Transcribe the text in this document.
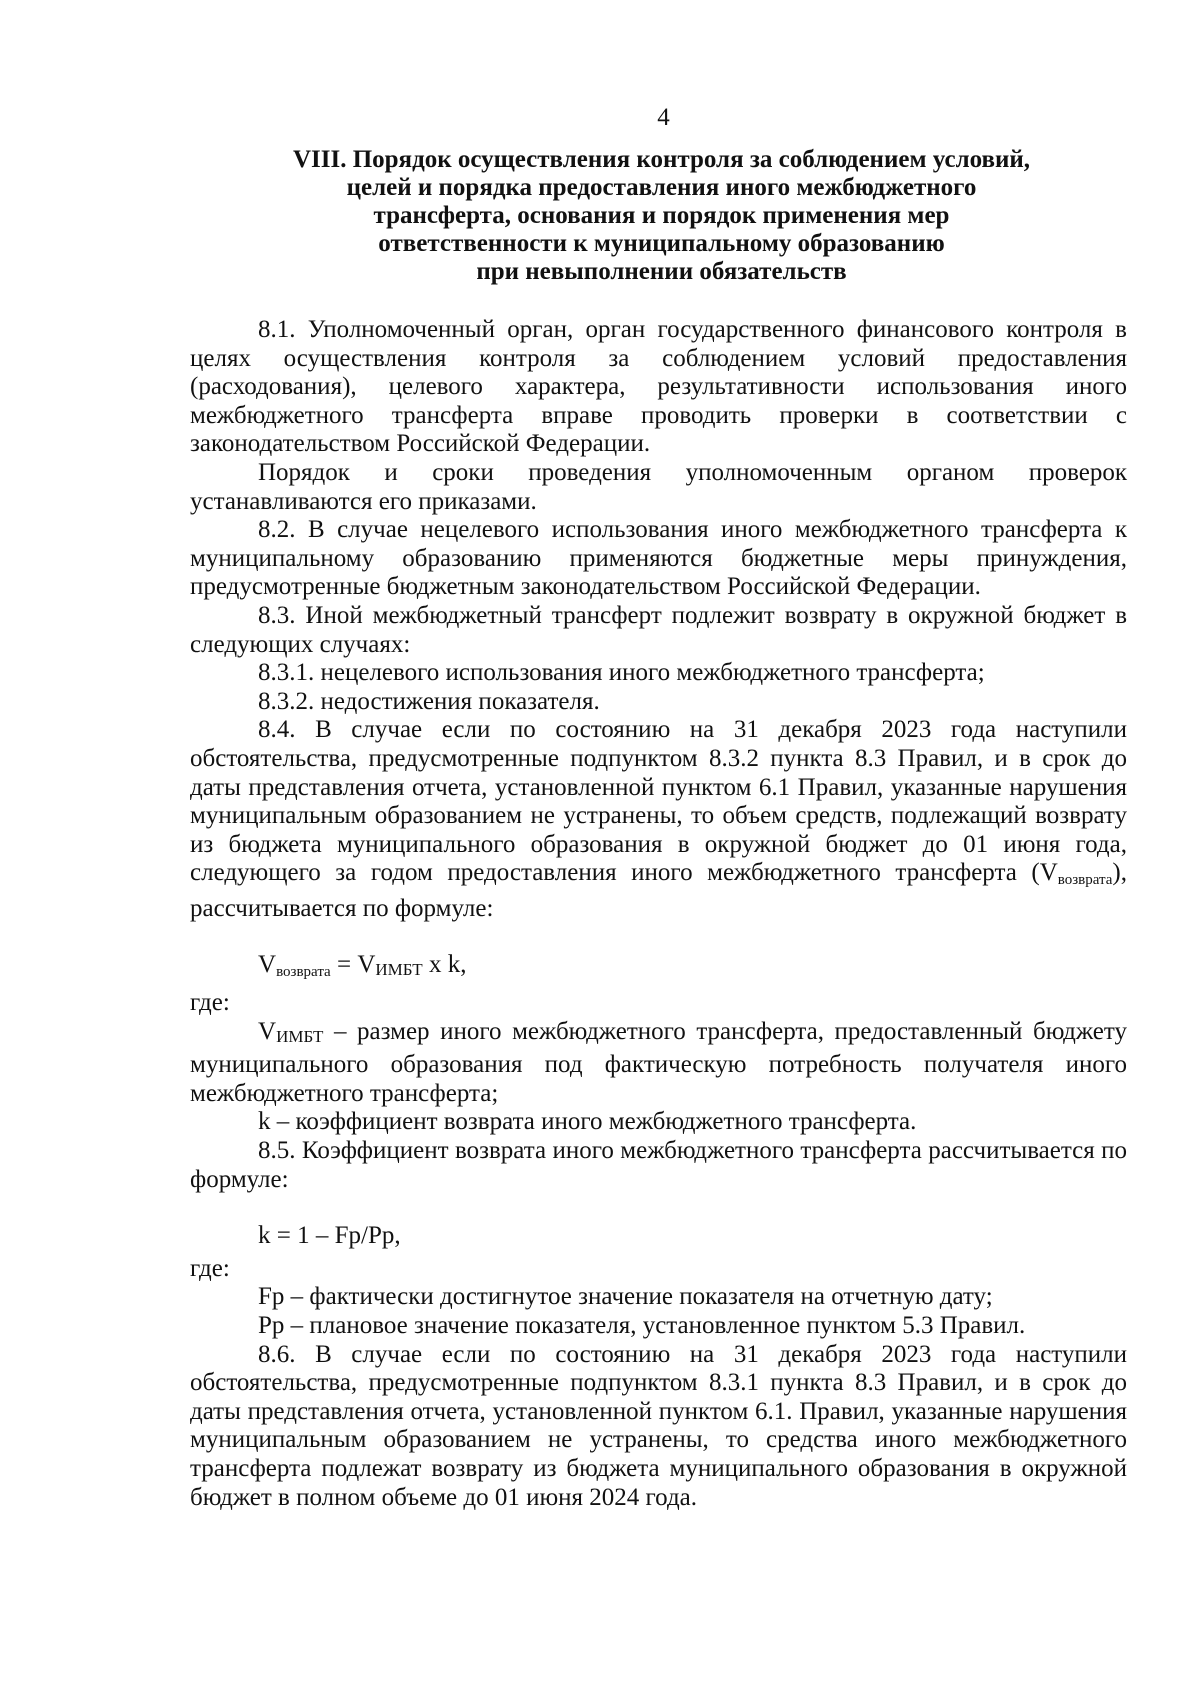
4
VIII. Порядок осуществления контроля за соблюдением условий,
целей и порядка предоставления иного межбюджетного
трансферта, основания и порядок применения мер
ответственности к муниципальному образованию
при невыполнении обязательств

8.1. Уполномоченный орган, орган государственного финансового контроля в целях осуществления контроля за соблюдением условий предоставления (расходования), целевого характера, результативности использования иного межбюджетного трансферта вправе проводить проверки в соответствии с законодательством Российской Федерации.

Порядок и сроки проведения уполномоченным органом проверок устанавливаются его приказами.

8.2. В случае нецелевого использования иного межбюджетного трансферта к муниципальному образованию применяются бюджетные меры принуждения, предусмотренные бюджетным законодательством Российской Федерации.

8.3. Иной межбюджетный трансферт подлежит возврату в окружной бюджет в следующих случаях:

8.3.1. нецелевого использования иного межбюджетного трансферта;

8.3.2. недостижения показателя.

8.4. В случае если по состоянию на 31 декабря 2023 года наступили обстоятельства, предусмотренные подпунктом 8.3.2 пункта 8.3 Правил, и в срок до даты представления отчета, установленной пунктом 6.1 Правил, указанные нарушения муниципальным образованием не устранены, то объем средств, подлежащий возврату из бюджета муниципального образования в окружной бюджет до 01 июня года, следующего за годом предоставления иного межбюджетного трансферта $(V_{возврата})$, рассчитывается по формуле:

$V_{возврата}$ = VИМБТ x k,

где:

VИМБТ – размер иного межбюджетного трансферта, предоставленный бюджету муниципального образования под фактическую потребность получателя иного межбюджетного трансферта;

k – коэффициент возврата иного межбюджетного трансферта.

8.5. Коэффициент возврата иного межбюджетного трансферта рассчитывается по формуле:

k = 1 – Fp/Pp,

где:

Fp – фактически достигнутое значение показателя на отчетную дату;

Pp – плановое значение показателя, установленное пунктом 5.3 Правил.

8.6. В случае если по состоянию на 31 декабря 2023 года наступили обстоятельства, предусмотренные подпунктом 8.3.1 пункта 8.3 Правил, и в срок до даты представления отчета, установленной пунктом 6.1. Правил, указанные нарушения муниципальным образованием не устранены, то средства иного межбюджетного трансферта подлежат возврату из бюджета муниципального образования в окружной бюджет в полном объеме до 01 июня 2024 года.
